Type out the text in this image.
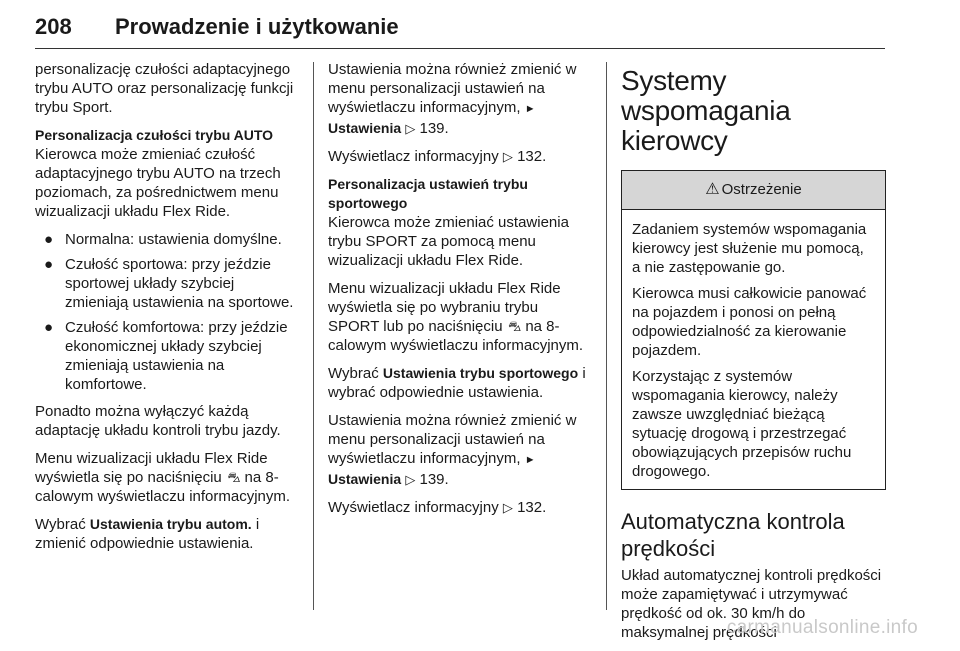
208 Prowadzenie i użytkowanie

personalizację czułości adaptacyjnego trybu AUTO oraz personalizację funkcji trybu Sport.

Personalizacja czułości trybu AUTO

Kierowca może zmieniać czułość adaptacyjnego trybu AUTO na trzech poziomach, za pośrednictwem menu wizualizacji układu Flex Ride.

● Normalna: ustawienia domyślne.
● Czułość sportowa: przy jeździe sportowej układy szybciej zmieniają ustawienia na sportowe.
● Czułość komfortowa: przy jeździe ekonomicznej układy szybciej zmieniają ustawienia na komfortowe.

Ponadto można wyłączyć każdą adaptację układu kontroli trybu jazdy.

Menu wizualizacji układu Flex Ride wyświetla się po naciśnięciu ⛍ na 8-calowym wyświetlaczu informacyjnym.

Wybrać Ustawienia trybu autom. i zmienić odpowiednie ustawienia.

Ustawienia można również zmienić w menu personalizacji ustawień na wyświetlaczu informacyjnym, ► Ustawienia ▷ 139.

Wyświetlacz informacyjny ▷ 132.

Personalizacja ustawień trybu sportowego

Kierowca może zmieniać ustawienia trybu SPORT za pomocą menu wizualizacji układu Flex Ride.

Menu wizualizacji układu Flex Ride wyświetla się po wybraniu trybu SPORT lub po naciśnięciu ⛍ na 8-calowym wyświetlaczu informacyjnym.

Wybrać Ustawienia trybu sportowego i wybrać odpowiednie ustawienia.

Ustawienia można również zmienić w menu personalizacji ustawień na wyświetlaczu informacyjnym, ► Ustawienia ▷ 139.

Wyświetlacz informacyjny ▷ 132.

Systemy wspomagania kierowcy
⚠ Ostrzeżenie

Zadaniem systemów wspomagania kierowcy jest służenie mu pomocą, a nie zastępowanie go.

Kierowca musi całkowicie panować na pojazdem i ponosi on pełną odpowiedzialność za kierowanie pojazdem.

Korzystając z systemów wspomagania kierowcy, należy zawsze uwzględniać bieżącą sytuację drogową i przestrzegać obowiązujących przepisów ruchu drogowego.

Automatyczna kontrola prędkości

Układ automatycznej kontroli prędkości może zapamiętywać i utrzymywać prędkość od ok. 30 km/h do maksymalnej prędkości

carmanualsonline.info
